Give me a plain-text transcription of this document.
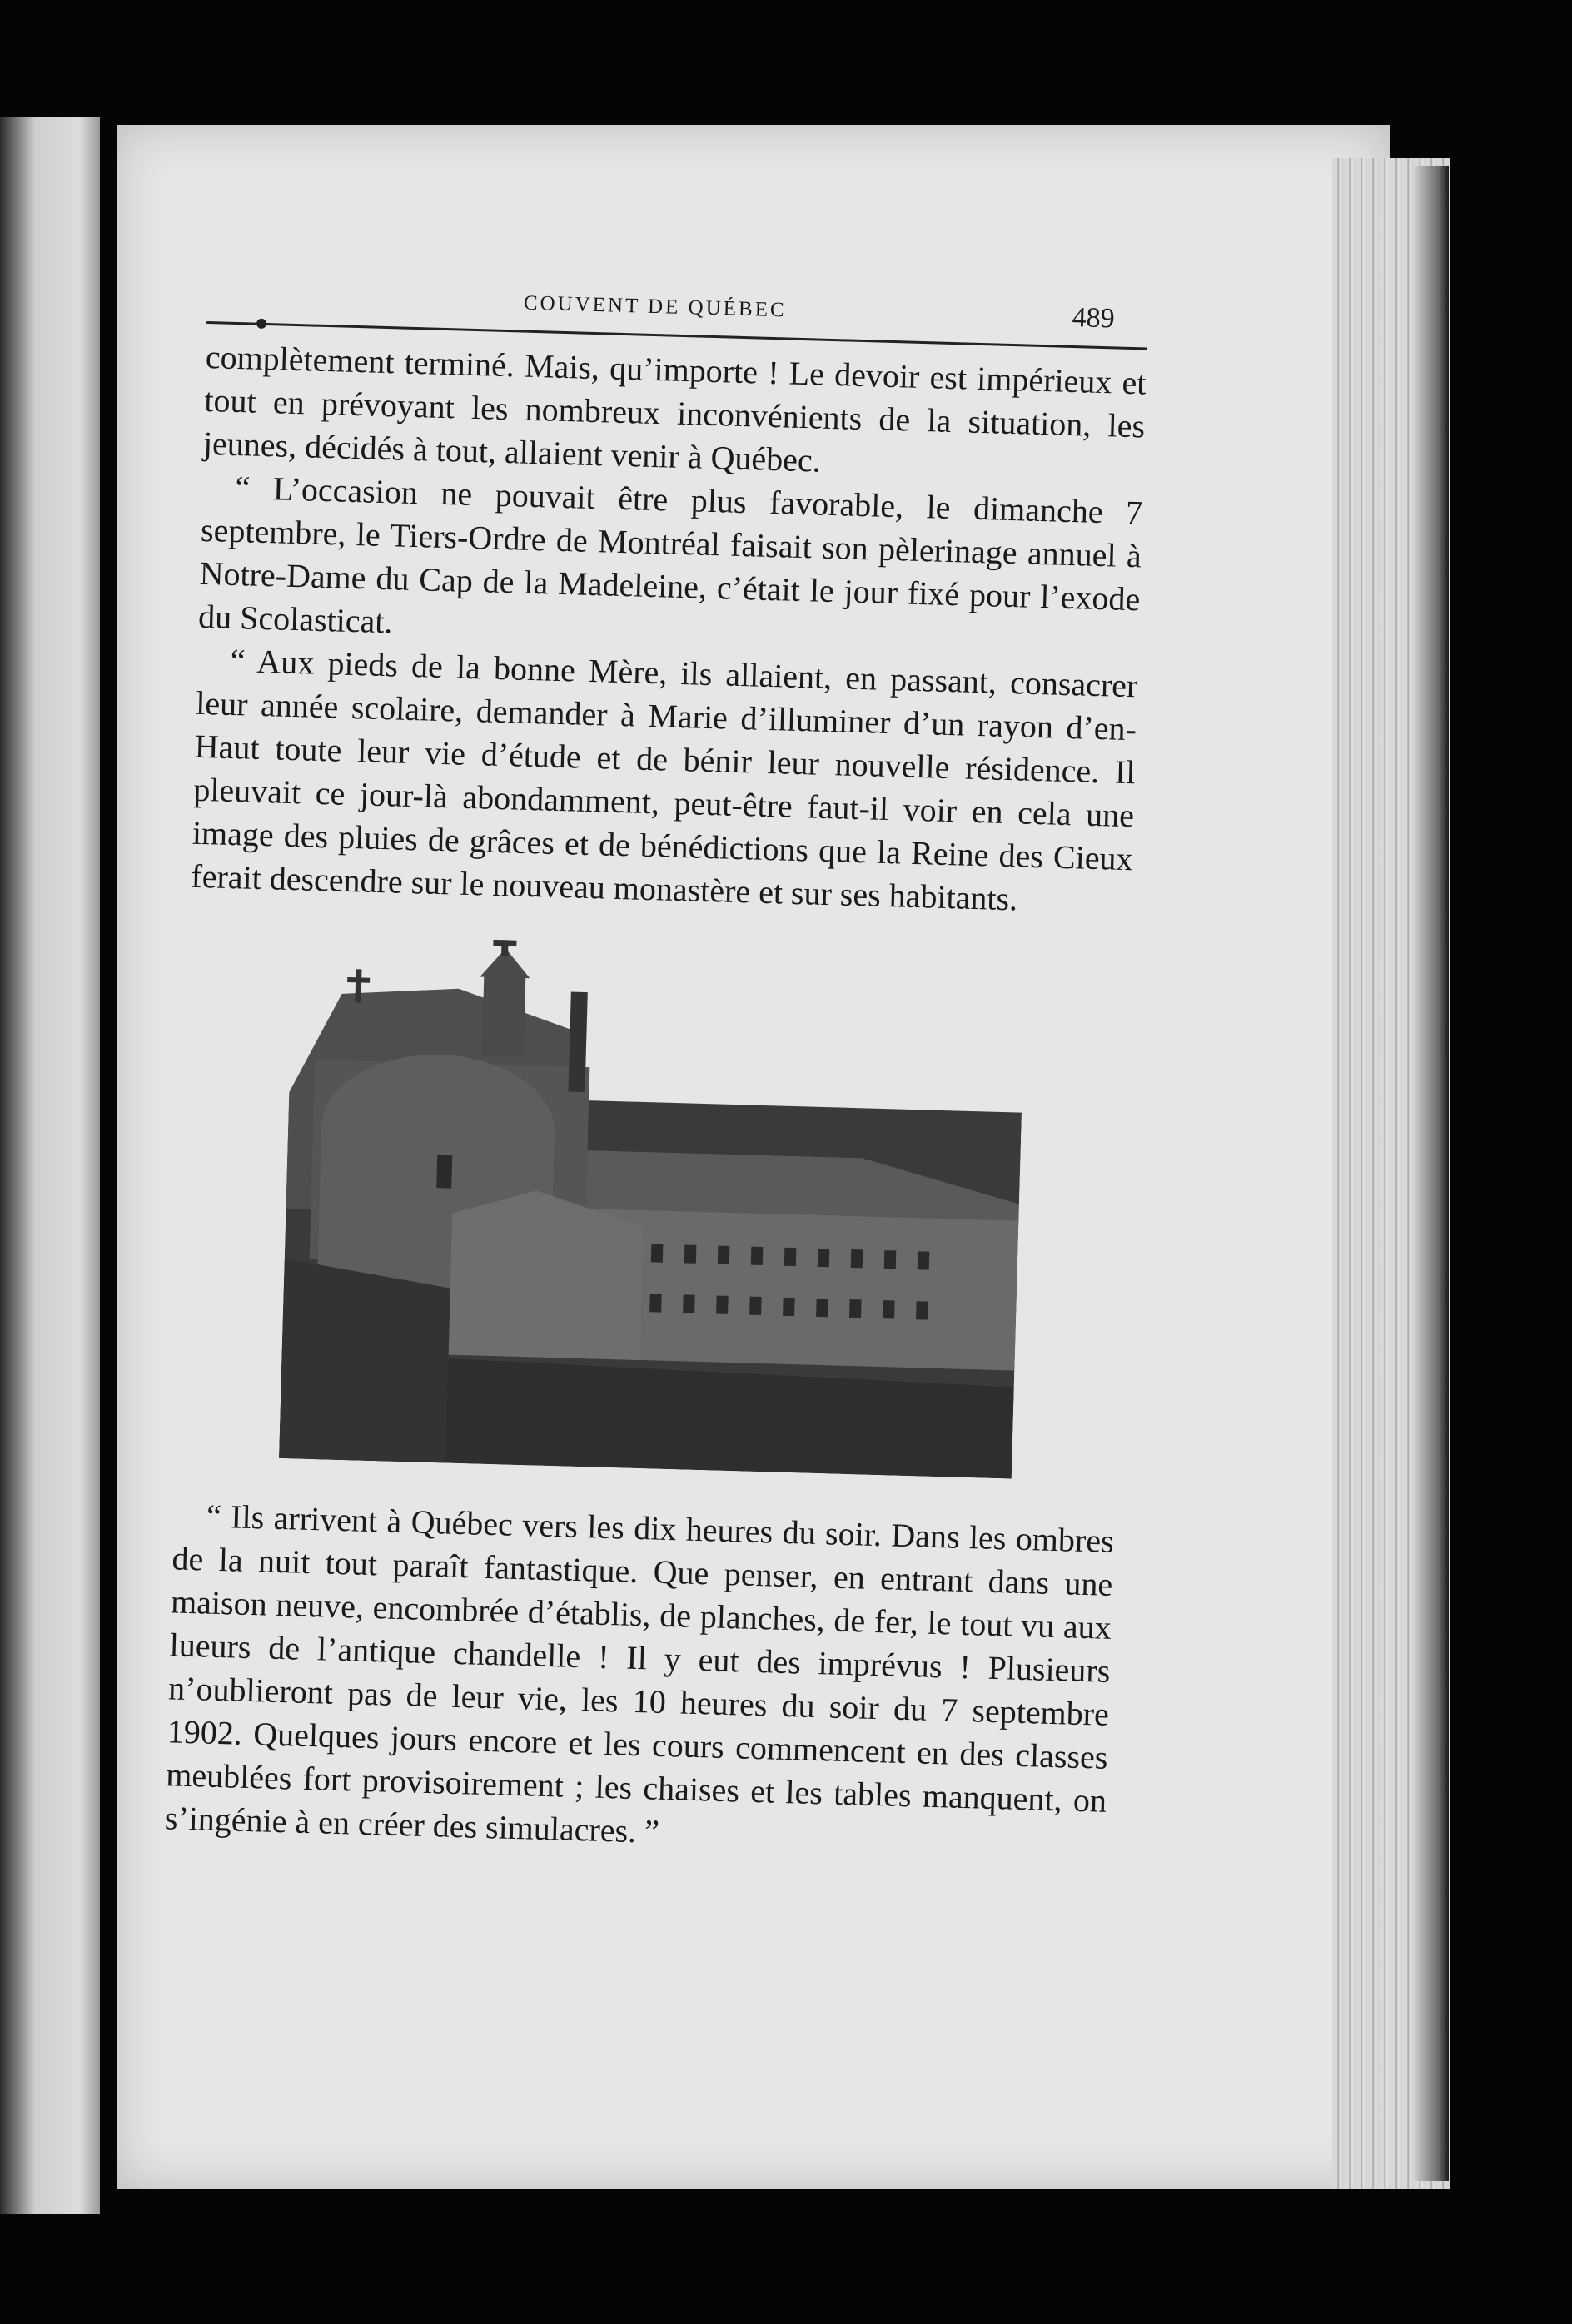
COUVENT DE QUÉBEC	489

complètement terminé. Mais, qu’importe ! Le devoir est impérieux et tout en prévoyant les nombreux inconvénients de la situation, les jeunes, décidés à tout, allaient venir à Québec.

“ L’occasion ne pouvait être plus favorable, le dimanche 7 septembre, le Tiers-Ordre de Montréal faisait son pèlerinage annuel à Notre-Dame du Cap de la Madeleine, c’était le jour fixé pour l’exode du Scolasticat.

“ Aux pieds de la bonne Mère, ils allaient, en passant, consacrer leur année scolaire, demander à Marie d’illuminer d’un rayon d’en-Haut toute leur vie d’étude et de bénir leur nouvelle résidence. Il pleuvait ce jour-là abondamment, peut-être faut-il voir en cela une image des pluies de grâces et de bénédictions que la Reine des Cieux ferait descendre sur le nouveau monastère et sur ses habitants.

“ Ils arrivent à Québec vers les dix heures du soir. Dans les ombres de la nuit tout paraît fantastique. Que penser, en entrant dans une maison neuve, encombrée d’établis, de planches, de fer, le tout vu aux lueurs de l’antique chandelle ! Il y eut des imprévus ! Plusieurs n’oublieront pas de leur vie, les 10 heures du soir du 7 septembre 1902. Quelques jours encore et les cours commencent en des classes meublées fort provisoirement ; les chaises et les tables manquent, on s’ingénie à en créer des simulacres. ”
